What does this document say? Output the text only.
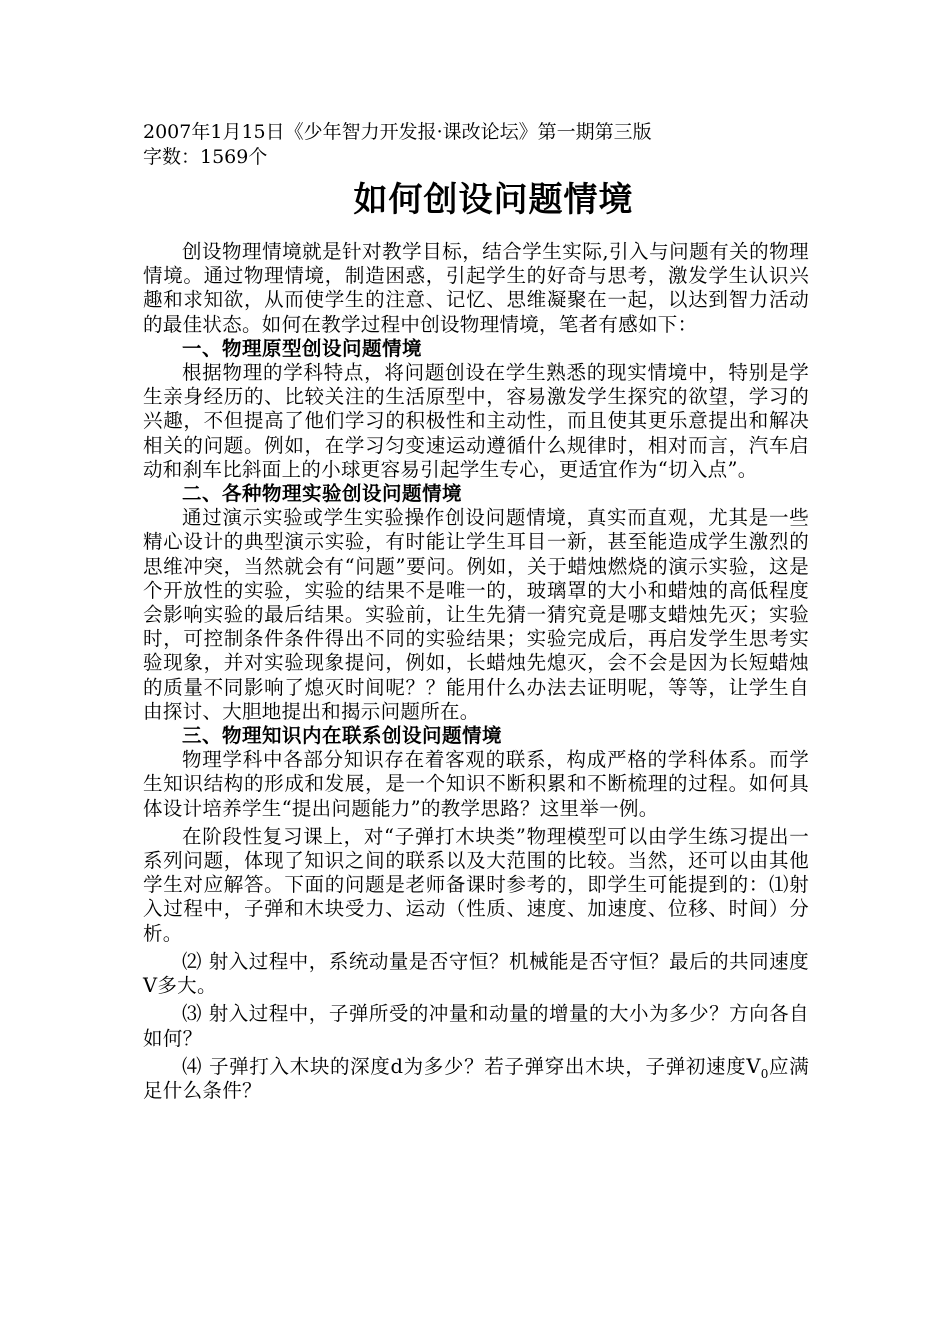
2007年1月15日《少年智力开发报·课改论坛》第一期第三版

字数：1569个

如何创设问题情境

创设物理情境就是针对教学目标，结合学生实际,引入与问题有关的物理情境。通过物理情境，制造困惑，引起学生的好奇与思考，激发学生认识兴趣和求知欲，从而使学生的注意、记忆、思维凝聚在一起，以达到智力活动的最佳状态。如何在教学过程中创设物理情境，笔者有感如下：

一、物理原型创设问题情境

根据物理的学科特点，将问题创设在学生熟悉的现实情境中，特别是学生亲身经历的、比较关注的生活原型中，容易激发学生探究的欲望，学习的兴趣，不但提高了他们学习的积极性和主动性，而且使其更乐意提出和解决相关的问题。例如，在学习匀变速运动遵循什么规律时，相对而言，汽车启动和刹车比斜面上的小球更容易引起学生专心，更适宜作为“切入点”。

二、各种物理实验创设问题情境

通过演示实验或学生实验操作创设问题情境，真实而直观，尤其是一些精心设计的典型演示实验，有时能让学生耳目一新，甚至能造成学生激烈的思维冲突，当然就会有“问题”要问。例如，关于蜡烛燃烧的演示实验，这是个开放性的实验，实验的结果不是唯一的，玻璃罩的大小和蜡烛的高低程度会影响实验的最后结果。实验前，让生先猜一猜究竟是哪支蜡烛先灭；实验时，可控制条件条件得出不同的实验结果；实验完成后，再启发学生思考实验现象，并对实验现象提问，例如，长蜡烛先熄灭，会不会是因为长短蜡烛的质量不同影响了熄灭时间呢？？能用什么办法去证明呢，等等，让学生自由探讨、大胆地提出和揭示问题所在。

三、物理知识内在联系创设问题情境

物理学科中各部分知识存在着客观的联系，构成严格的学科体系。而学生知识结构的形成和发展，是一个知识不断积累和不断梳理的过程。如何具体设计培养学生“提出问题能力”的教学思路？这里举一例。

在阶段性复习课上，对“子弹打木块类”物理模型可以由学生练习提出一系列问题，体现了知识之间的联系以及大范围的比较。当然，还可以由其他学生对应解答。下面的问题是老师备课时参考的，即学生可能提到的：⑴射入过程中，子弹和木块受力、运动（性质、速度、加速度、位移、时间）分析。

⑵ 射入过程中，系统动量是否守恒？机械能是否守恒？最后的共同速度V多大。

⑶ 射入过程中，子弹所受的冲量和动量的增量的大小为多少？方向各自如何？

⑷ 子弹打入木块的深度d为多少？若子弹穿出木块，子弹初速度$V_0$应满足什么条件？
